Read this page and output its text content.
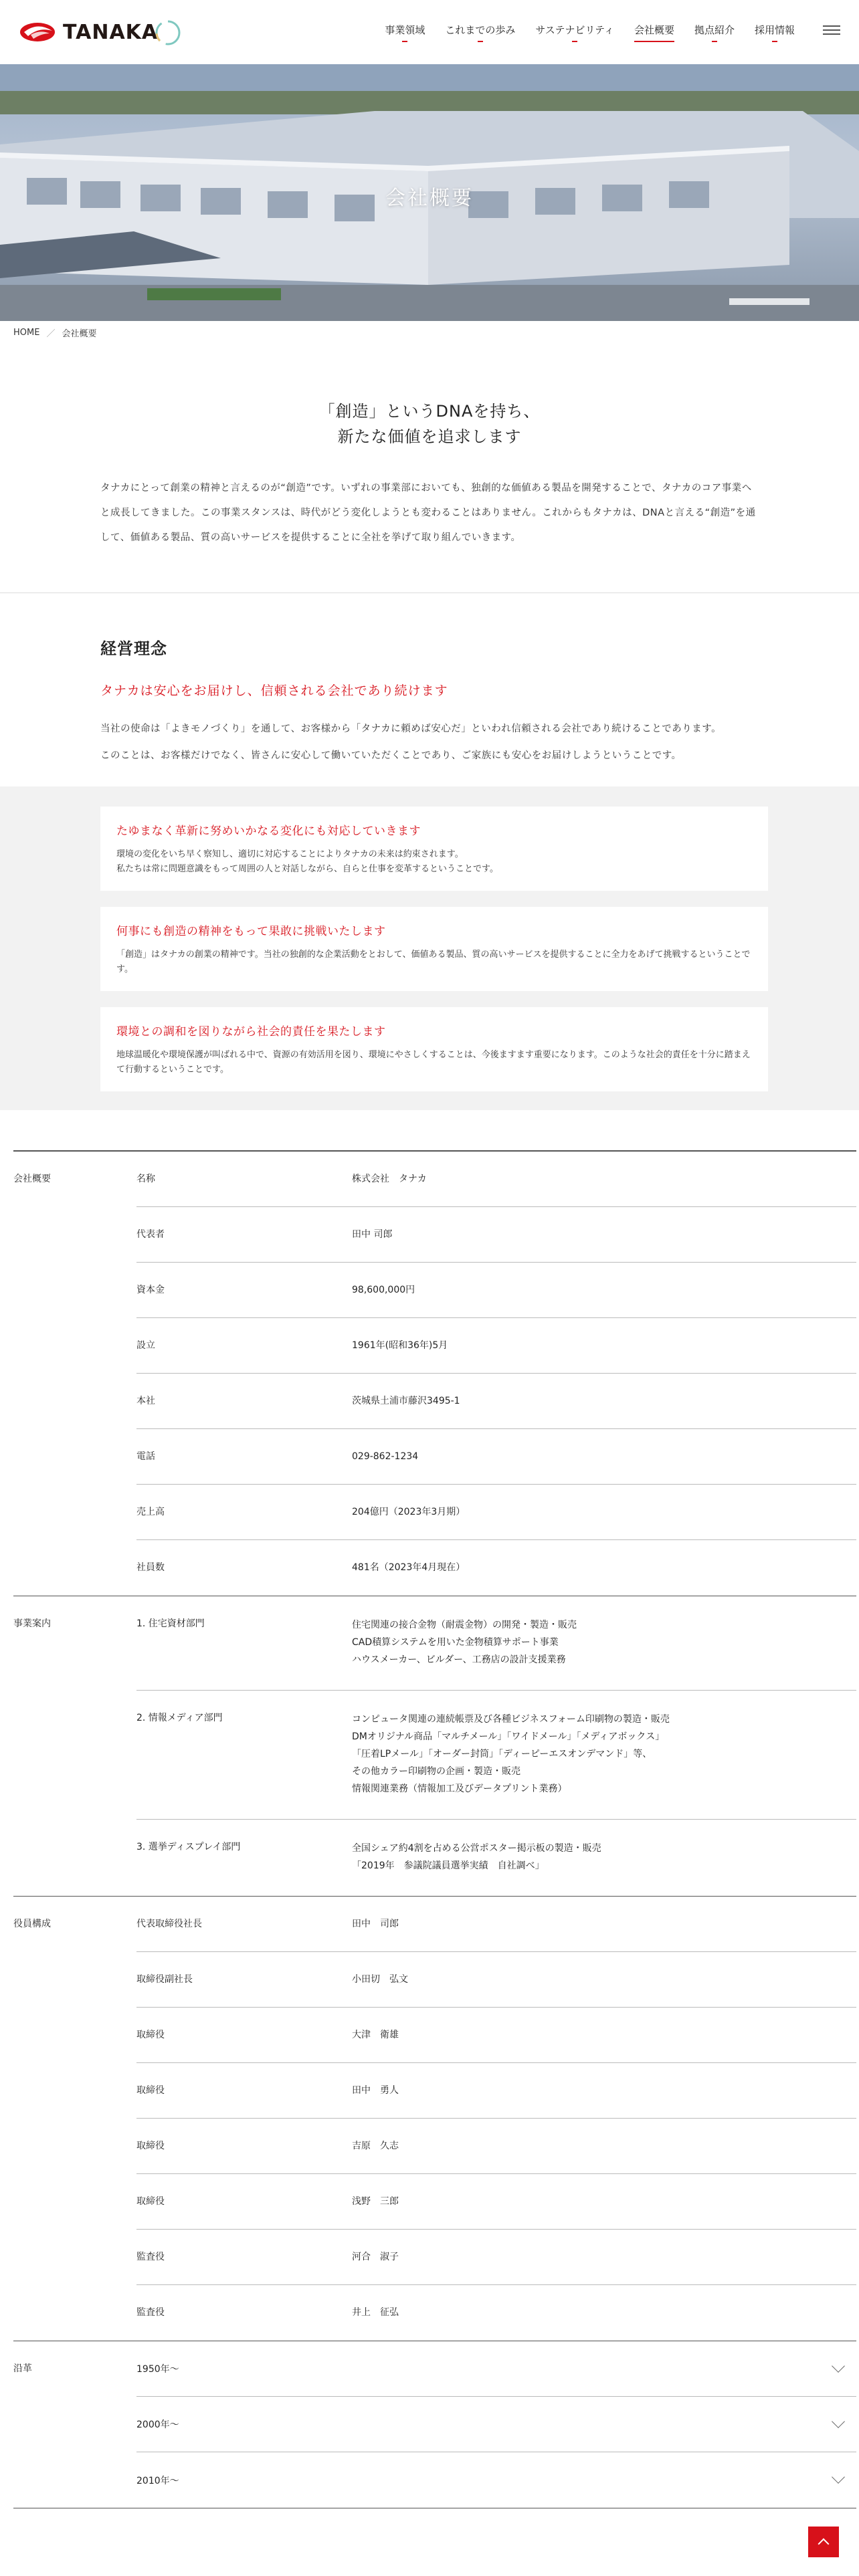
TANAKA	事業領域 これまでの歩み サステナビリティ 会社概要 拠点紹介 採用情報
会社概要
HOME ／ 会社概要
「創造」というDNAを持ち、
新たな価値を追求します

タナカにとって創業の精神と言えるのが“創造”です。いずれの事業部においても、独創的な価値ある製品を開発することで、タナカのコア事業へと成長してきました。この事業スタンスは、時代がどう変化しようとも変わることはありません。これからもタナカは、DNAと言える“創造”を通して、価値ある製品、質の高いサービスを提供することに全社を挙げて取り組んでいきます。

経営理念
タナカは安心をお届けし、信頼される会社であり続けます
当社の使命は「よきモノづくり」を通して、お客様から「タナカに頼めば安心だ」といわれ信頼される会社であり続けることであります。
このことは、お客様だけでなく、皆さんに安心して働いていただくことであり、ご家族にも安心をお届けしようということです。
たゆまなく革新に努めいかなる変化にも対応していきます
環境の変化をいち早く察知し、適切に対応することによりタナカの未来は約束されます。
私たちは常に問題意識をもって周囲の人と対話しながら、自らと仕事を変革するということです。
何事にも創造の精神をもって果敢に挑戦いたします
「創造」はタナカの創業の精神です。当社の独創的な企業活動をとおして、価値ある製品、質の高いサービスを提供することに全力をあげて挑戦するということです。
環境との調和を図りながら社会的責任を果たします
地球温暖化や環境保護が叫ばれる中で、資源の有効活用を図り、環境にやさしくすることは、今後ますます重要になります。このような社会的責任を十分に踏まえて行動するということです。
会社概要	名称	株式会社　タナカ
代表者	田中 司郎
資本金	98,600,000円
設立	1961年(昭和36年)5月
本社	茨城県土浦市藤沢3495-1
電話	029-862-1234
売上高	204億円（2023年3月期）
社員数	481名（2023年4月現在）
事業案内	1. 住宅資材部門	住宅関連の接合金物（耐震金物）の開発・製造・販売
CAD積算システムを用いた金物積算サポート事業
ハウスメーカー、ビルダー、工務店の設計支援業務
2. 情報メディア部門	コンピュータ関連の連続帳票及び各種ビジネスフォーム印刷物の製造・販売
DMオリジナル商品「マルチメール」「ワイドメール」「メディアボックス」
「圧着LPメール」「オーダー封筒」「ディーピーエスオンデマンド」等、
その他カラー印刷物の企画・製造・販売
情報関連業務（情報加工及びデータプリント業務）
3. 選挙ディスプレイ部門	全国シェア約4割を占める公営ポスター掲示板の製造・販売
「2019年　参議院議員選挙実績　自社調べ」
役員構成	代表取締役社長	田中　司郎
取締役副社長	小田切　弘文
取締役	大津　衛雄
取締役	田中　勇人
取締役	吉原　久志
取締役	浅野　三郎
監査役	河合　淑子
監査役	井上　征弘
沿革	1950年〜
2000年〜
2010年〜
